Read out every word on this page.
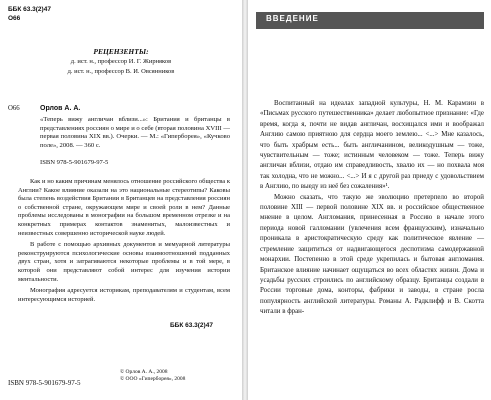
ББК 63.3(2)47
О66
РЕЦЕНЗЕНТЫ:
д. ист. н., профессор И. Г. Жирняков
д. ист. н., профессор В. И. Овсянников
О66	Орлов А. А.
«Теперь вижу англичан вблизи...»: Британия и британцы в представлениях россиян о мире и о себе (вторая половина XVIII — первая половина XIX вв.). Очерки. — М.: «Гиперборея», «Кучково поле», 2008. — 360 с.
ISBN 978-5-901679-97-5

Как и но каким причинам менялось отношение российского общества к Англии? Какое влияние оказали на это национальные стереотипы? Каковы была степень воздействия Британии в Британцев на представления россиян о собственной стране, окружающем мире и своей роли в нем? Данные проблемы исследованы в монографии на большом временном отрезке и на конкретных примерах контактов знаменитых, малоизвестных и неизвестных совершенно исторической науке людей.

В работе с помощью архивных документов и мемуарной литературы реконструируются психологические основы взаимоотношений подданных двух стран, хотя и затрагиваются некоторые проблемы и в той мере, в которой они представляют собой интерес для изучения истории ментальности.

Монография адресуется историкам, преподавателям и студентам, всем интересующимся историей.

ББК 63.3(2)47
ISBN 978-5-901679-97-5
© Орлов А. А., 2008
© ООО «Гиперборея», 2008
ВВЕДЕНИЕ

Воспитанный на идеалах западной культуры, Н. М. Карамзин в «Письмах русского путешественника» делает любопытное признание: «Где время, когда я, почти не видав англичан, восхищался ими и воображал Англию самою приятною для сердца моего землею... <...> Мне казалось, что быть храбрым есть... быть англичанином, великодушным — тоже, чувствительным — тоже; истинным человеком — тоже. Теперь вижу англичан вблизи, отдаю им справедливость, хвалю их — но похвала моя так холодна, что не можно... <...> И я с другой раз приеду с удовольствием в Англию, по выеду из неё без сожаления»¹.

Можно сказать, что такую же эволюцию претерпело во второй половине XIII — первой половине XIX вв. и российское общественное мнение в целом. Англомания, принесенная в Россию в начале этого периода новой галломании (увлечения всем французским), изначально проникала в аристократическую среду как политическое явление — стремление защититься от надвигающегося деспотизма самодержавной монархии. Постепенно в этой среде укрепилась и бытовая англомания. Британское влияние начинает ощущаться во всех областях жизни. Дома и усадьбы русских строились по английскому образцу. Британцы создали в России торговые дома, конторы, фабрики и заводы, в стране росла популярность английской литературы. Романы А. Радклифф и В. Скотта читали в фран-
